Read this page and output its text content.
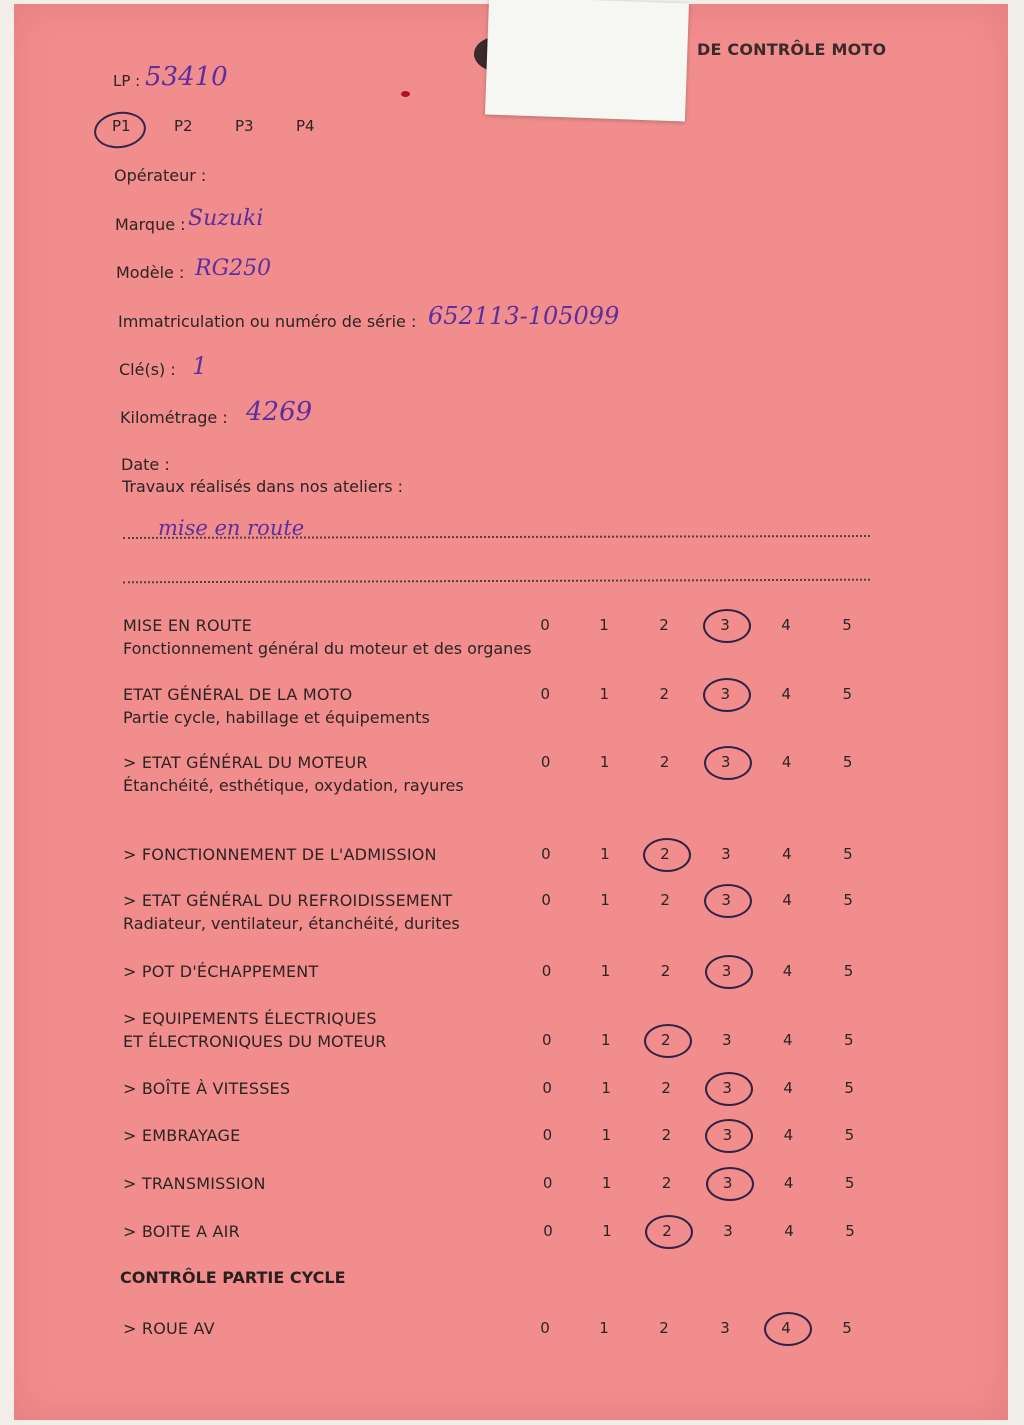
DE CONTRÔLE MOTO
LP : 53410
P1	P2	P3	P4
Opérateur :
Marque : Suzuki
Modèle : RG250
Immatriculation ou numéro de série : 652113-105099
Clé(s) : 1
Kilométrage : 4269
Date :
Travaux réalisés dans nos ateliers :
mise en route
MISE EN ROUTE
Fonctionnement général du moteur et des organes
0	1	2	3	4	5
ETAT GÉNÉRAL DE LA MOTO
Partie cycle, habillage et équipements
0	1	2	3	4	5
> ETAT GÉNÉRAL DU MOTEUR
Étanchéité, esthétique, oxydation, rayures
0	1	2	3	4	5
> FONCTIONNEMENT DE L'ADMISSION	0	1	2	3	4	5
> ETAT GÉNÉRAL DU REFROIDISSEMENT
Radiateur, ventilateur, étanchéité, durites
0	1	2	3	4	5
> POT D'ÉCHAPPEMENT	0	1	2	3	4	5
> EQUIPEMENTS ÉLECTRIQUES
ET ÉLECTRONIQUES DU MOTEUR	0	1	2	3	4	5
> BOÎTE À VITESSES	0	1	2	3	4	5
> EMBRAYAGE	0	1	2	3	4	5
> TRANSMISSION	0	1	2	3	4	5
> BOITE A AIR	0	1	2	3	4	5
CONTRÔLE PARTIE CYCLE
> ROUE AV	0	1	2	3	4	5
